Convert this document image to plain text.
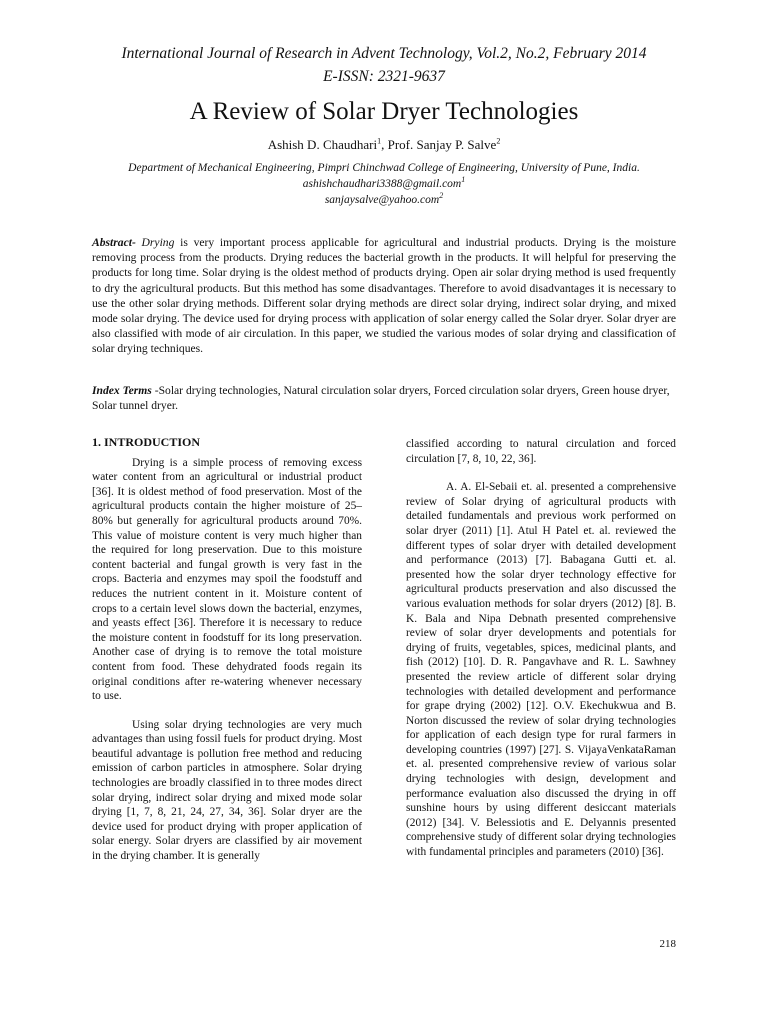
International Journal of Research in Advent Technology, Vol.2, No.2, February 2014
E-ISSN: 2321-9637
A Review of Solar Dryer Technologies
Ashish D. Chaudhari$^1$, Prof. Sanjay P. Salve$^2$
Department of Mechanical Engineering, Pimpri Chinchwad College of Engineering, University of Pune, India.
ashishchaudhari3388@gmail.com$^1$
sanjaysalve@yahoo.com$^2$
Abstract- Drying is very important process applicable for agricultural and industrial products. Drying is the moisture removing process from the products. Drying reduces the bacterial growth in the products. It will helpful for preserving the products for long time. Solar drying is the oldest method of products drying. Open air solar drying method is used frequently to dry the agricultural products. But this method has some disadvantages. Therefore to avoid disadvantages it is necessary to use the other solar drying methods. Different solar drying methods are direct solar drying, indirect solar drying, and mixed mode solar drying. The device used for drying process with application of solar energy called the Solar dryer. Solar dryer are also classified with mode of air circulation. In this paper, we studied the various modes of solar drying and classification of solar drying techniques.
Index Terms -Solar drying technologies, Natural circulation solar dryers, Forced circulation solar dryers, Green house dryer, Solar tunnel dryer.
1. INTRODUCTION

Drying is a simple process of removing excess water content from an agricultural or industrial product [36]. It is oldest method of food preservation. Most of the agricultural products contain the higher moisture of 25–80% but generally for agricultural products around 70%. This value of moisture content is very much higher than the required for long preservation. Due to this moisture content bacterial and fungal growth is very fast in the crops. Bacteria and enzymes may spoil the foodstuff and reduces the nutrient content in it. Moisture content of crops to a certain level slows down the bacterial, enzymes, and yeasts effect [36]. Therefore it is necessary to reduce the moisture content in foodstuff for its long preservation. Another case of drying is to remove the total moisture content from food. These dehydrated foods regain its original conditions after re-watering whenever necessary to use.

Using solar drying technologies are very much advantages than using fossil fuels for product drying. Most beautiful advantage is pollution free method and reducing emission of carbon particles in atmosphere. Solar drying technologies are broadly classified in to three modes direct solar drying, indirect solar drying and mixed mode solar drying [1, 7, 8, 21, 24, 27, 34, 36]. Solar dryer are the device used for product drying with proper application of solar energy. Solar dryers are classified by air movement in the drying chamber. It is generally

classified according to natural circulation and forced circulation [7, 8, 10, 22, 36].

A. A. El-Sebaii et. al. presented a comprehensive review of Solar drying of agricultural products with detailed fundamentals and previous work performed on solar dryer (2011) [1]. Atul H Patel et. al. reviewed the different types of solar dryer with detailed development and performance (2013) [7]. Babagana Gutti et. al. presented how the solar dryer technology effective for agricultural products preservation and also discussed the various evaluation methods for solar dryers (2012) [8]. B. K. Bala and Nipa Debnath presented comprehensive review of solar dryer developments and potentials for drying of fruits, vegetables, spices, medicinal plants, and fish (2012) [10]. D. R. Pangavhave and R. L. Sawhney presented the review article of different solar drying technologies with detailed development and performance for grape drying (2002) [12]. O.V. Ekechukwua and B. Norton discussed the review of solar drying technologies for application of each design type for rural farmers in developing countries (1997) [27]. S. VijayaVenkataRaman et. al. presented comprehensive review of various solar drying technologies with design, development and performance evaluation also discussed the drying in off sunshine hours by using different desiccant materials (2012) [34]. V. Belessiotis and E. Delyannis presented comprehensive study of different solar drying technologies with fundamental principles and parameters (2010) [36].

218
